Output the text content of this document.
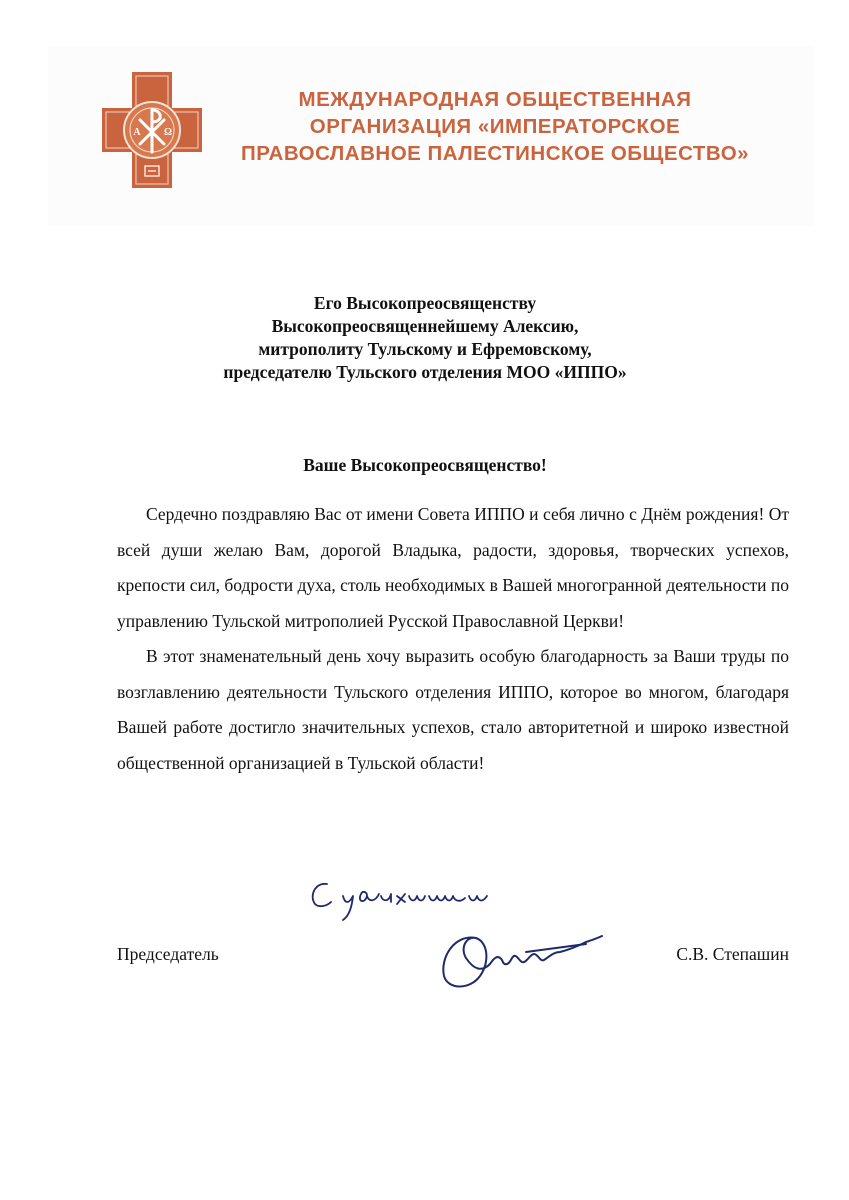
А Ω
МЕЖДУНАРОДНАЯ ОБЩЕСТВЕННАЯ
ОРГАНИЗАЦИЯ «ИМПЕРАТОРСКОЕ
ПРАВОСЛАВНОЕ ПАЛЕСТИНСКОЕ ОБЩЕСТВО»
Его Высокопреосвященству
Высокопреосвященнейшему Алексию,
митрополиту Тульскому и Ефремовскому,
председателю Тульского отделения МОО «ИППО»
Ваше Высокопреосвященство!

Сердечно поздравляю Вас от имени Совета ИППО и себя лично с Днём рождения! От всей души желаю Вам, дорогой Владыка, радости, здоровья, творческих успехов, крепости сил, бодрости духа, столь необходимых в Вашей многогранной деятельности по управлению Тульской митрополией Русской Православной Церкви!

В этот знаменательный день хочу выразить особую благодарность за Ваши труды по возглавлению деятельности Тульского отделения ИППО, которое во многом, благодаря Вашей работе достигло значительных успехов, стало авторитетной и широко известной общественной организацией в Тульской области!

Председатель	С.В. Степашин
